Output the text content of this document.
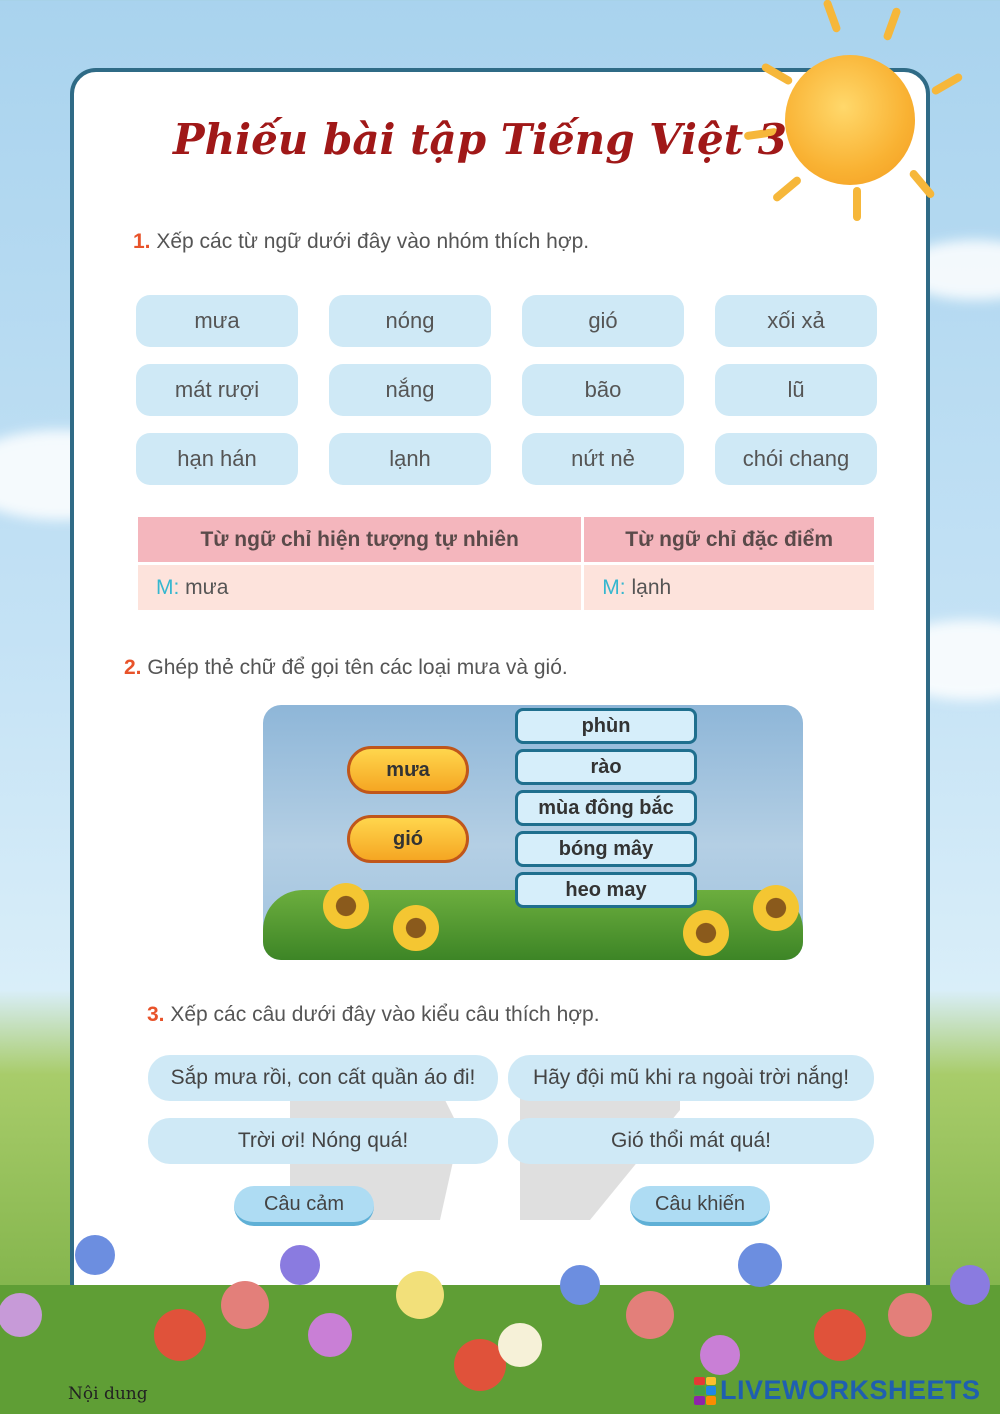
Phiếu bài tập Tiếng Việt 3
1. Xếp các từ ngữ dưới đây vào nhóm thích hợp.
mưa	nóng	gió	xối xả
mát rượi	nắng	bão	lũ
hạn hán	lạnh	nứt nẻ	chói chang
Từ ngữ chỉ hiện tượng tự nhiên	Từ ngữ chỉ đặc điểm
M: mưa	M: lạnh
2. Ghép thẻ chữ để gọi tên các loại mưa và gió.
mưa
gió
phùn
rào
mùa đông bắc
bóng mây
heo may
3. Xếp các câu dưới đây vào kiểu câu thích hợp.
Sắp mưa rồi, con cất quần áo đi!	Hãy đội mũ khi ra ngoài trời nắng!
Trời ơi! Nóng quá!	Gió thổi mát quá!
Câu cảm	Câu khiến
Nội dung	LIVEWORKSHEETS
